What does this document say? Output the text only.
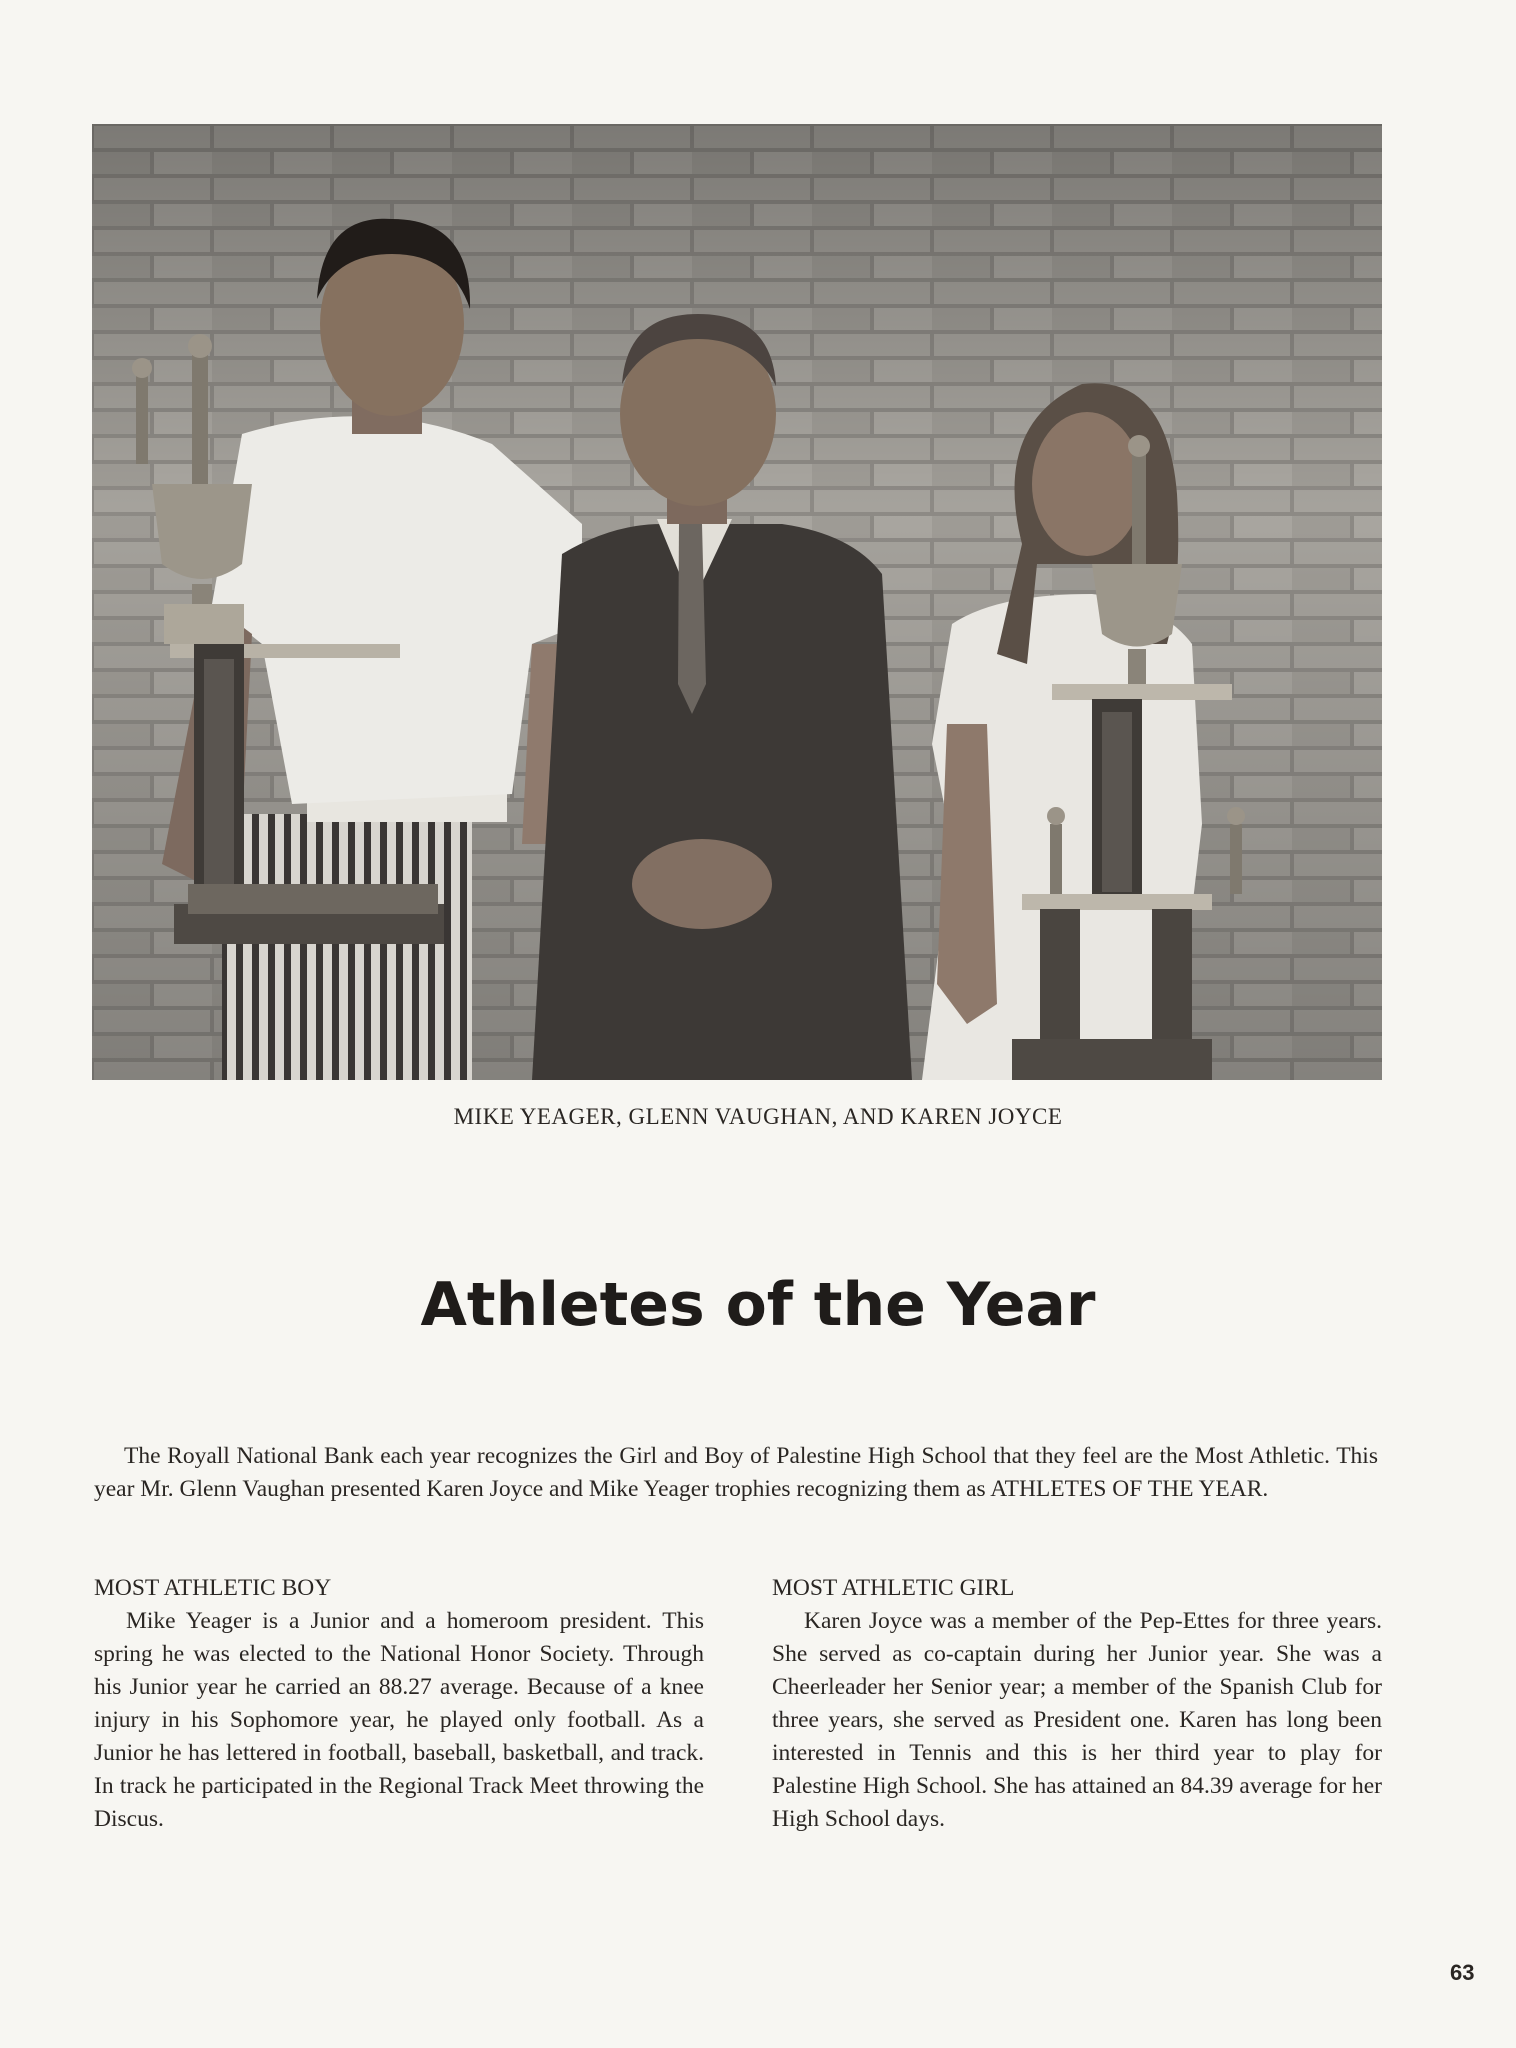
MIKE YEAGER, GLENN VAUGHAN, AND KAREN JOYCE
Athletes of the Year

The Royall National Bank each year recognizes the Girl and Boy of Palestine High School that they feel are the Most Athletic. This year Mr. Glenn Vaughan presented Karen Joyce and Mike Yeager trophies recognizing them as ATHLETES OF THE YEAR.

MOST ATHLETIC BOY

Mike Yeager is a Junior and a homeroom president. This spring he was elected to the National Honor Society. Through his Junior year he carried an 88.27 average. Because of a knee injury in his Sophomore year, he played only football. As a Junior he has lettered in football, baseball, basketball, and track. In track he participated in the Regional Track Meet throwing the Discus.

MOST ATHLETIC GIRL

Karen Joyce was a member of the Pep-Ettes for three years. She served as co-captain during her Junior year. She was a Cheerleader her Senior year; a member of the Spanish Club for three years, she served as President one. Karen has long been interested in Tennis and this is her third year to play for Palestine High School. She has attained an 84.39 average for her High School days.

63
